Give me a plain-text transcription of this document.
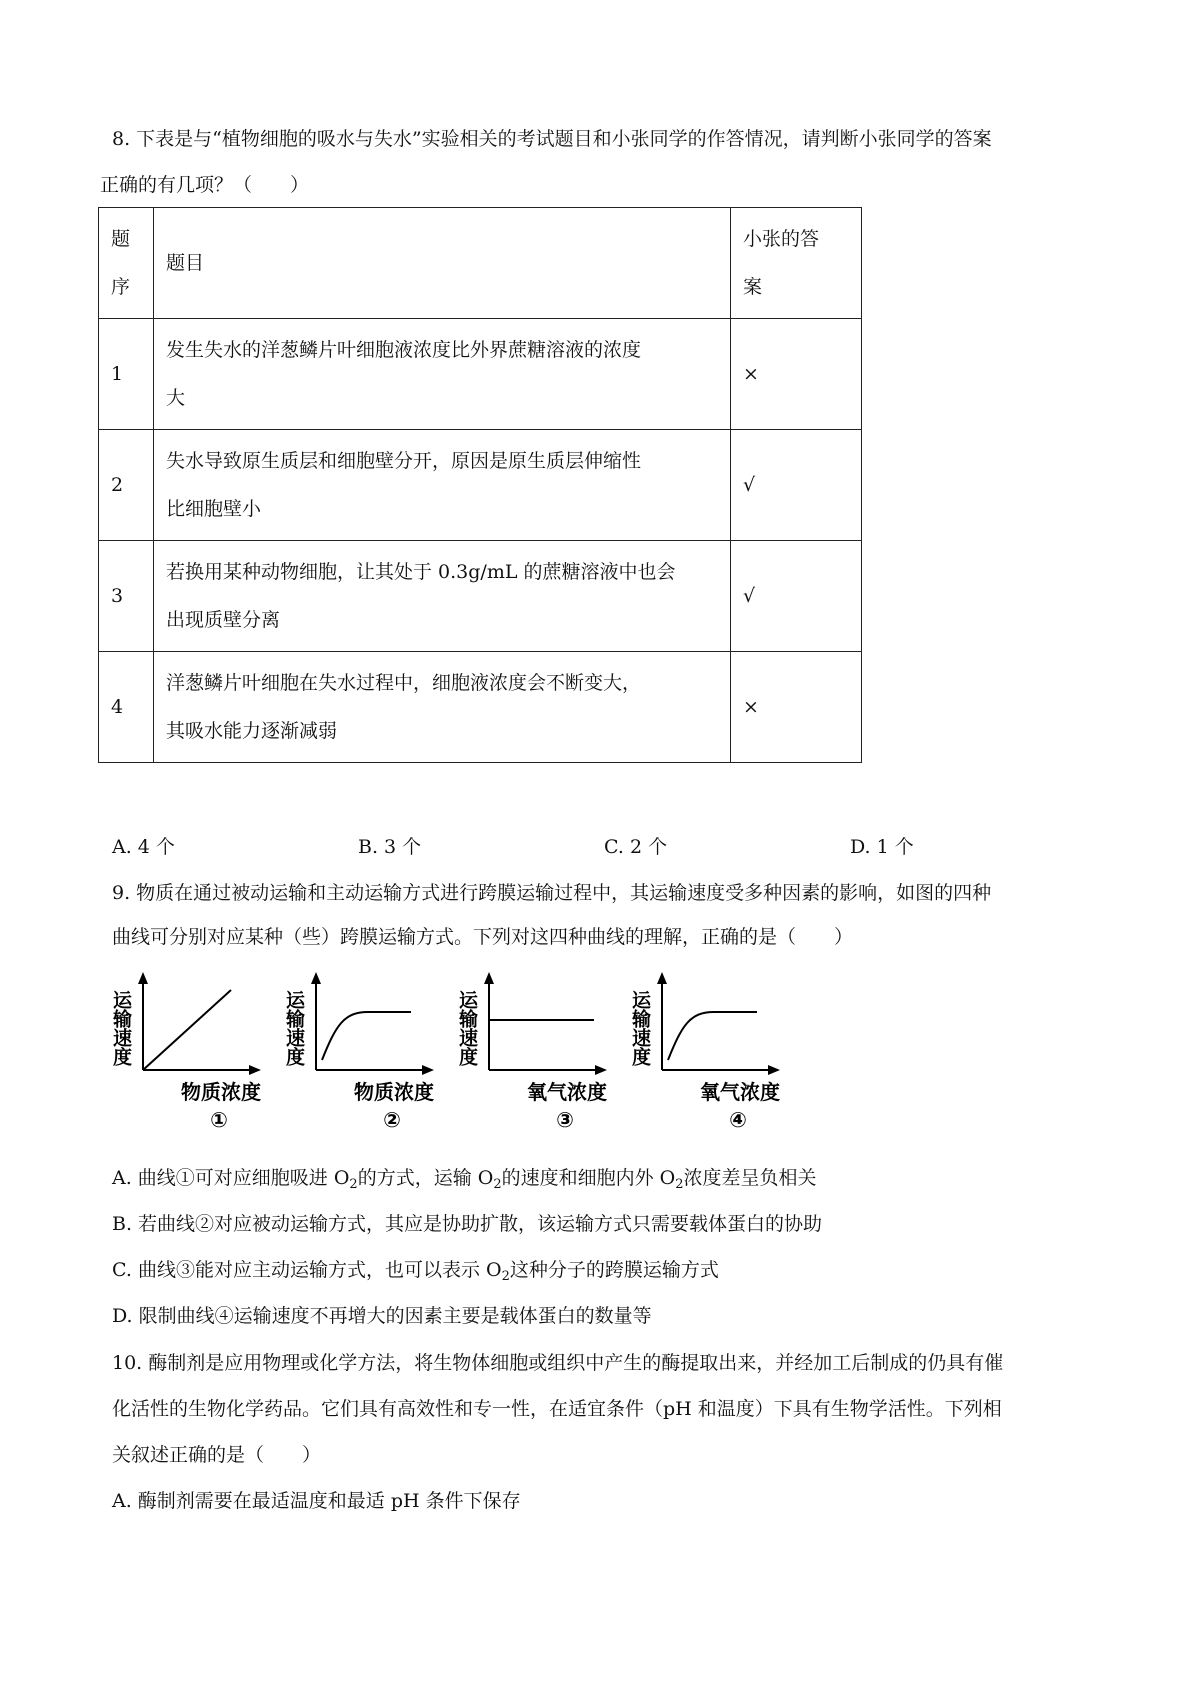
8. 下表是与“植物细胞的吸水与失水”实验相关的考试题目和小张同学的作答情况，请判断小张同学的答案
正确的有几项？（　　）
题
序	题目	小张的答
案

1	发生失水的洋葱鳞片叶细胞液浓度比外界蔗糖溶液的浓度
大	×
2	失水导致原生质层和细胞壁分开，原因是原生质层伸缩性
比细胞壁小	√
3	若换用某种动物细胞，让其处于 0.3g/mL 的蔗糖溶液中也会
出现质壁分离	√
4	洋葱鳞片叶细胞在失水过程中，细胞液浓度会不断变大，
其吸水能力逐渐减弱	×
A. 4 个	B. 3 个	C. 2 个	D. 1 个
9. 物质在通过被动运输和主动运输方式进行跨膜运输过程中，其运输速度受多种因素的影响，如图的四种
曲线可分别对应某种（些）跨膜运输方式。下列对这四种曲线的理解，正确的是（　　）
运输速度
物质浓度
①
运输速度
物质浓度
②
运输速度
氧气浓度
③
运输速度
氧气浓度
④
A. 曲线①可对应细胞吸进 $O_2$的方式，运输 $O_2$的速度和细胞内外 $O_2$浓度差呈负相关
B. 若曲线②对应被动运输方式，其应是协助扩散，该运输方式只需要载体蛋白的协助
C. 曲线③能对应主动运输方式，也可以表示 $O_2$这种分子的跨膜运输方式
D. 限制曲线④运输速度不再增大的因素主要是载体蛋白的数量等
10. 酶制剂是应用物理或化学方法，将生物体细胞或组织中产生的酶提取出来，并经加工后制成的仍具有催
化活性的生物化学药品。它们具有高效性和专一性，在适宜条件（pH 和温度）下具有生物学活性。下列相
关叙述正确的是（　　）
A. 酶制剂需要在最适温度和最适 pH 条件下保存
